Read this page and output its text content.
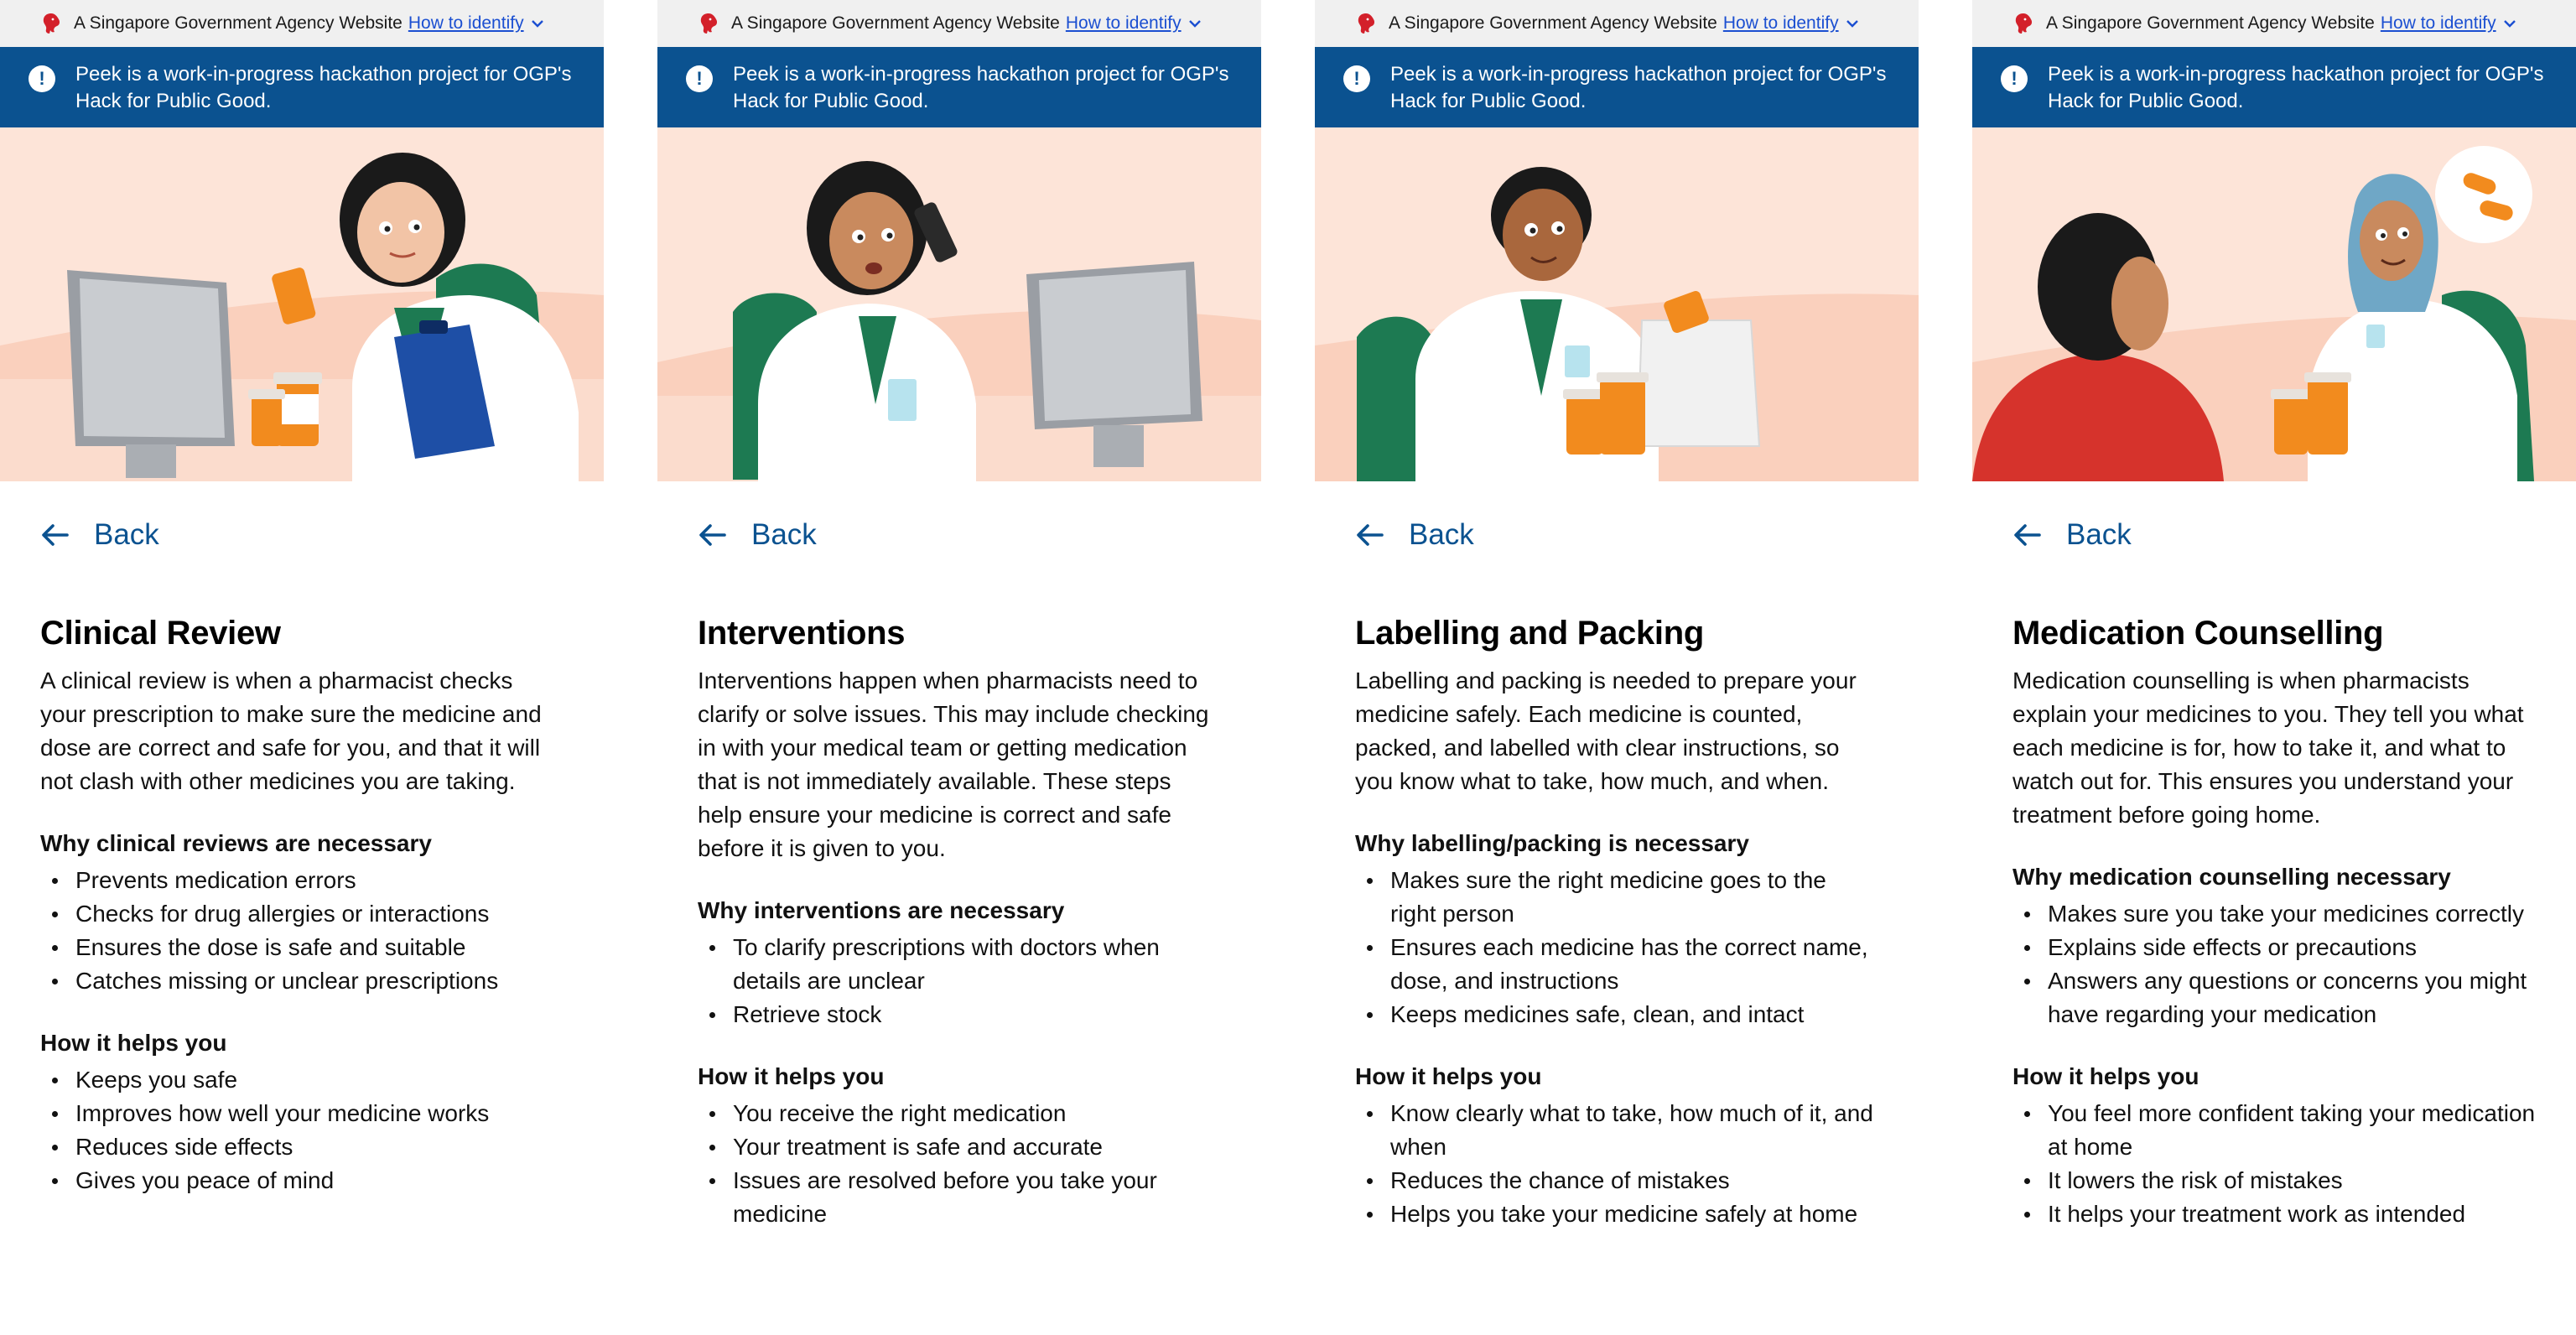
A Singapore Government Agency Website How to identify
!	Peek is a work-in-progress hackathon project for OGP's Hack for Public Good.
Back
Clinical Review

A clinical review is when a pharmacist checks your prescription to make sure the medicine and dose are correct and safe for you, and that it will not clash with other medicines you are taking.

Why clinical reviews are necessary
Prevents medication errors
Checks for drug allergies or interactions
Ensures the dose is safe and suitable
Catches missing or unclear prescriptions
How it helps you
Keeps you safe
Improves how well your medicine works
Reduces side effects
Gives you peace of mind
A Singapore Government Agency Website How to identify
!	Peek is a work-in-progress hackathon project for OGP's Hack for Public Good.
Back
Interventions

Interventions happen when pharmacists need to clarify or solve issues. This may include checking in with your medical team or getting medication that is not immediately available. These steps help ensure your medicine is correct and safe before it is given to you.

Why interventions are necessary
To clarify prescriptions with doctors when details are unclear
Retrieve stock
How it helps you
You receive the right medication
Your treatment is safe and accurate
Issues are resolved before you take your medicine
A Singapore Government Agency Website How to identify
!	Peek is a work-in-progress hackathon project for OGP's Hack for Public Good.
Back
Labelling and Packing

Labelling and packing is needed to prepare your medicine safely. Each medicine is counted, packed, and labelled with clear instructions, so you know what to take, how much, and when.

Why labelling/packing is necessary
Makes sure the right medicine goes to the right person
Ensures each medicine has the correct name, dose, and instructions
Keeps medicines safe, clean, and intact
How it helps you
Know clearly what to take, how much of it, and when
Reduces the chance of mistakes
Helps you take your medicine safely at home
A Singapore Government Agency Website How to identify
!	Peek is a work-in-progress hackathon project for OGP's Hack for Public Good.
Back
Medication Counselling

Medication counselling is when pharmacists explain your medicines to you. They tell you what each medicine is for, how to take it, and what to watch out for. This ensures you understand your treatment before going home.

Why medication counselling necessary
Makes sure you take your medicines correctly
Explains side effects or precautions
Answers any questions or concerns you might have regarding your medication
How it helps you
You feel more confident taking your medication at home
It lowers the risk of mistakes
It helps your treatment work as intended
